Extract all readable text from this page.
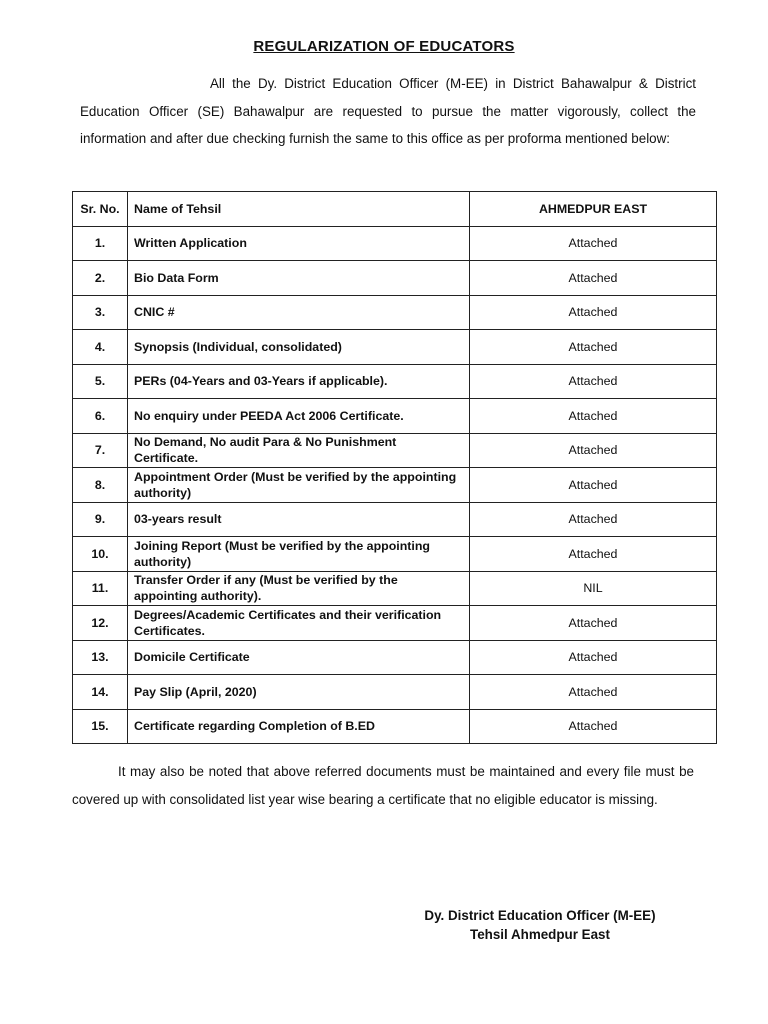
REGULARIZATION OF EDUCATORS
All the Dy. District Education Officer (M-EE) in District Bahawalpur & District Education Officer (SE) Bahawalpur are requested to pursue the matter vigorously, collect the information and after due checking furnish the same to this office as per proforma mentioned below:
Sr. No.	Name of Tehsil	AHMEDPUR EAST
1.	Written Application	Attached
2.	Bio Data Form	Attached
3.	CNIC #	Attached
4.	Synopsis (Individual, consolidated)	Attached
5.	PERs (04-Years and 03-Years if applicable).	Attached
6.	No enquiry under PEEDA Act 2006 Certificate.	Attached
7.	No Demand, No audit Para & No Punishment Certificate.	Attached
8.	Appointment Order (Must be verified by the appointing authority)	Attached
9.	03-years result	Attached
10.	Joining Report (Must be verified by the appointing authority)	Attached
11.	Transfer Order if any (Must be verified by the appointing authority).	NIL
12.	Degrees/Academic Certificates and their verification Certificates.	Attached
13.	Domicile Certificate	Attached
14.	Pay Slip (April, 2020)	Attached
15.	Certificate regarding Completion of B.ED	Attached
It may also be noted that above referred documents must be maintained and every file must be covered up with consolidated list year wise bearing a certificate that no eligible educator is missing.
Dy. District Education Officer (M-EE)
Tehsil Ahmedpur East
